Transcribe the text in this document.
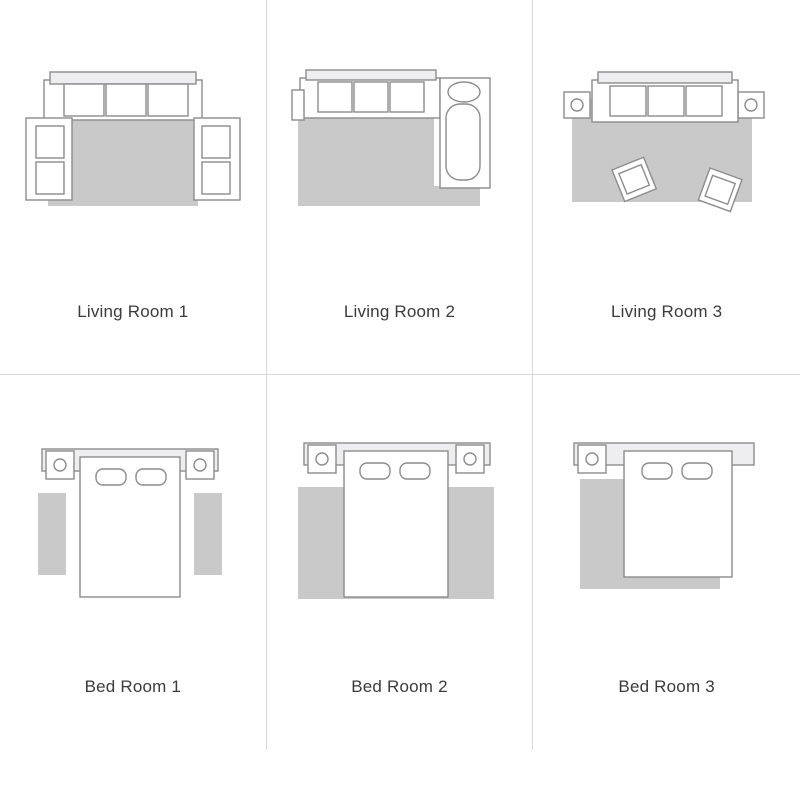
Living Room 1	Living Room 2	Living Room 3
Bed Room 1	Bed Room 2	Bed Room 3
